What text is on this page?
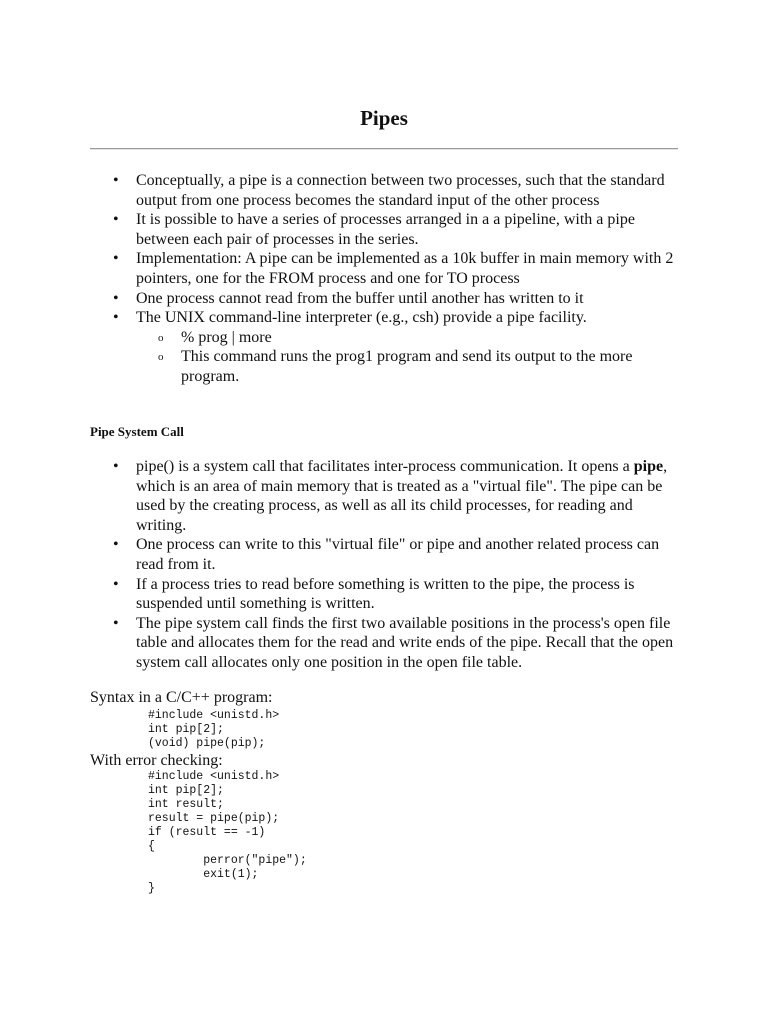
Pipes
• Conceptually, a pipe is a connection between two processes, such that the standard output from one process becomes the standard input of the other process
• It is possible to have a series of processes arranged in a a pipeline, with a pipe between each pair of processes in the series.
• Implementation: A pipe can be implemented as a 10k buffer in main memory with 2 pointers, one for the FROM process and one for TO process
• One process cannot read from the buffer until another has written to it
• The UNIX command-line interpreter (e.g., csh) provide a pipe facility.
o % prog | more
o This command runs the prog1 program and send its output to the more program.
Pipe System Call
• pipe() is a system call that facilitates inter-process communication. It opens a pipe, which is an area of main memory that is treated as a "virtual file". The pipe can be used by the creating process, as well as all its child processes, for reading and writing.
• One process can write to this "virtual file" or pipe and another related process can read from it.
• If a process tries to read before something is written to the pipe, the process is suspended until something is written.
• The pipe system call finds the first two available positions in the process's open file table and allocates them for the read and write ends of the pipe. Recall that the open system call allocates only one position in the open file table.
Syntax in a C/C++ program:
#include <unistd.h>
int pip[2];
(void) pipe(pip);
With error checking:
#include <unistd.h>
int pip[2];
int result;
result = pipe(pip);
if (result == -1)
{
perror("pipe");
exit(1);
}
